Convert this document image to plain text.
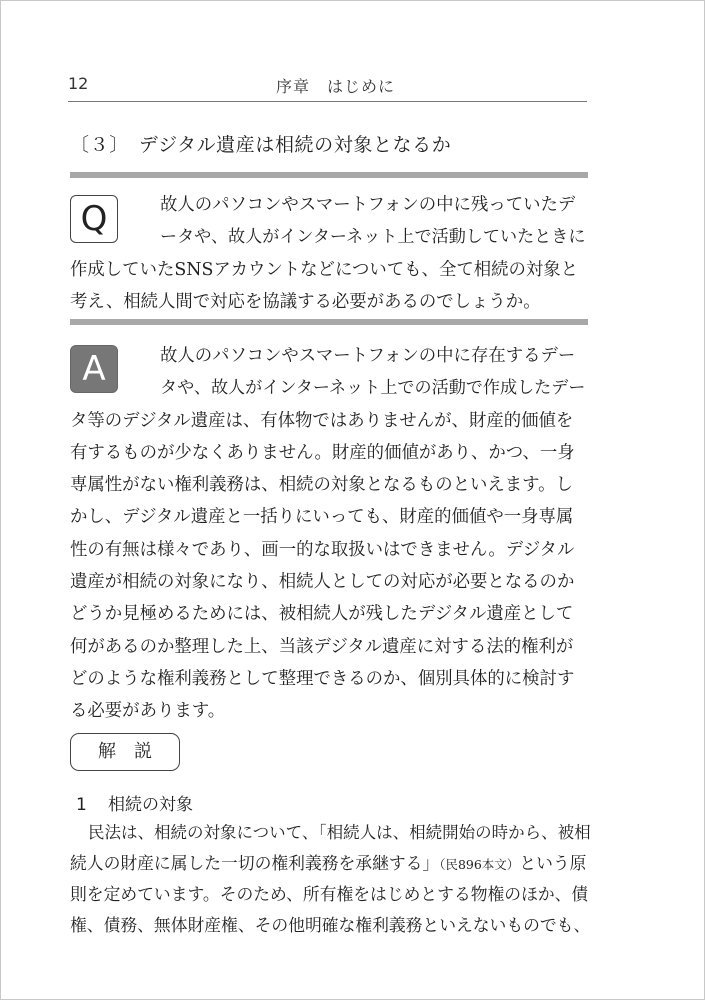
12	序章　はじめに
〔３〕　デジタル遺産は相続の対象となるか
Q	故人のパソコンやスマートフォンの中に残っていたデ
ータや、故人がインターネット上で活動していたときに
作成していたSNSアカウントなどについても、全て相続の対象と
考え、相続人間で対応を協議する必要があるのでしょうか。
A	故人のパソコンやスマートフォンの中に存在するデー
タや、故人がインターネット上での活動で作成したデー
タ等のデジタル遺産は、有体物ではありませんが、財産的価値を
有するものが少なくありません。財産的価値があり、かつ、一身
専属性がない権利義務は、相続の対象となるものといえます。し
かし、デジタル遺産と一括りにいっても、財産的価値や一身専属
性の有無は様々であり、画一的な取扱いはできません。デジタル
遺産が相続の対象になり、相続人としての対応が必要となるのか
どうか見極めるためには、被相続人が残したデジタル遺産として
何があるのか整理した上、当該デジタル遺産に対する法的権利が
どのような権利義務として整理できるのか、個別具体的に検討す
る必要があります。
解説
1 相続の対象
民法は、相続の対象について、「相続人は、相続開始の時から、被相
続人の財産に属した一切の権利義務を承継する」（民896本文）という原
則を定めています。そのため、所有権をはじめとする物権のほか、債
権、債務、無体財産権、その他明確な権利義務といえないものでも、
